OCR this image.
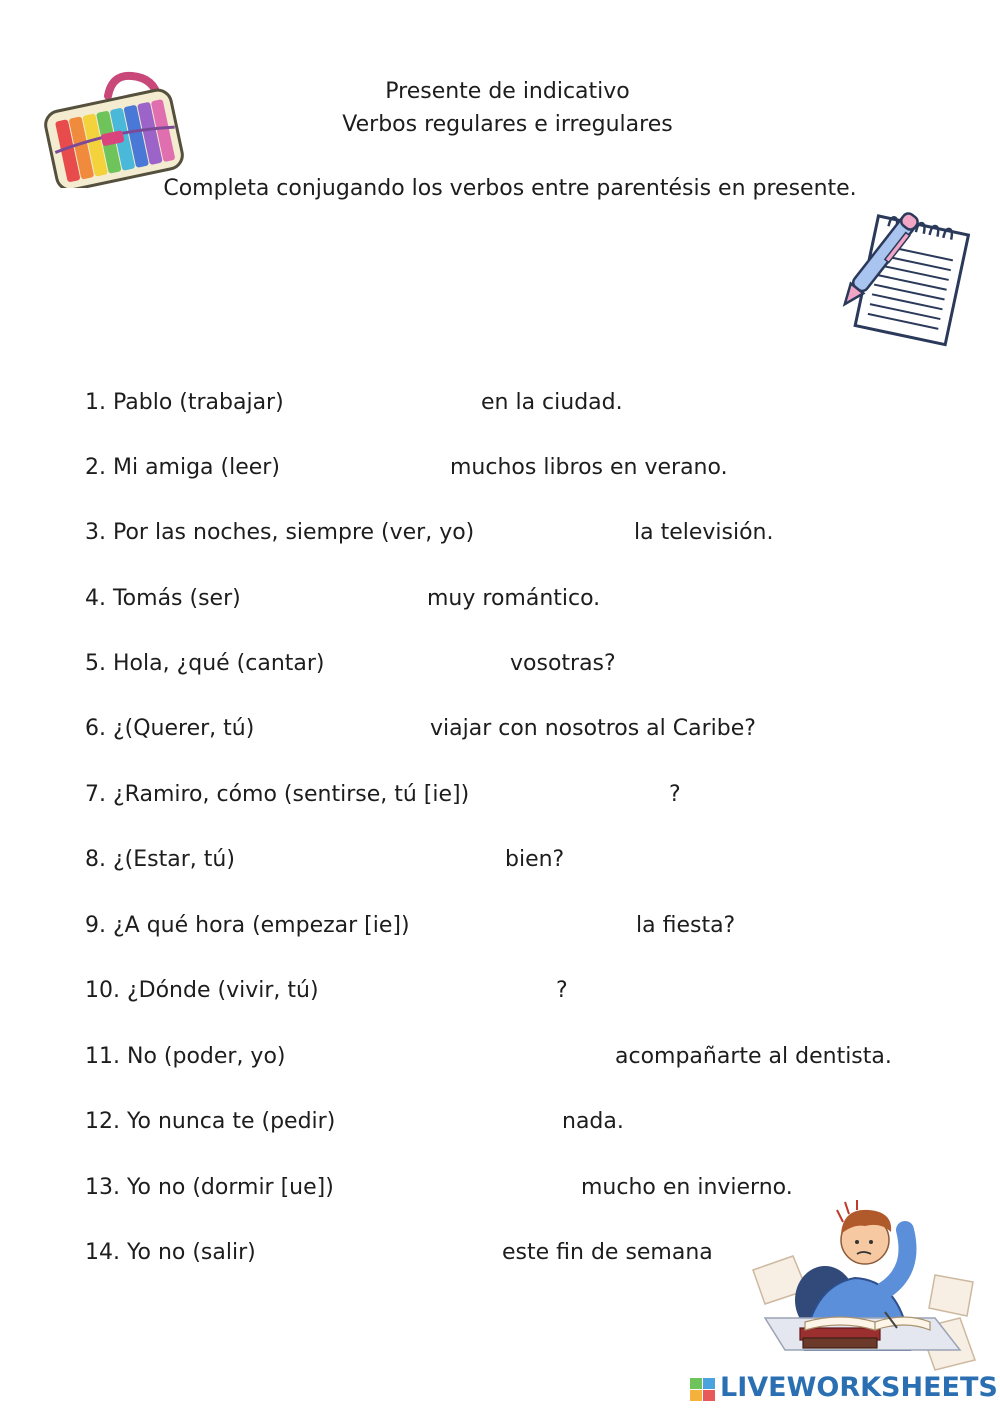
Presente de indicativo
Verbos regulares e irregulares
Completa conjugando los verbos entre parentésis en presente.
1. Pablo (trabajar)	en la ciudad.
2. Mi amiga (leer)	muchos libros en verano.
3. Por las noches, siempre (ver, yo)	la televisión.
4. Tomás (ser)	muy romántico.
5. Hola, ¿qué (cantar)	vosotras?
6. ¿(Querer, tú)	viajar con nosotros al Caribe?
7. ¿Ramiro, cómo (sentirse, tú [ie])	?
8. ¿(Estar, tú)	bien?
9. ¿A qué hora (empezar [ie])	la fiesta?
10. ¿Dónde (vivir, tú)	?
11. No (poder, yo)	acompañarte al dentista.
12. Yo nunca te (pedir)	nada.
13. Yo no (dormir [ue])	mucho en invierno.
14. Yo no (salir)	este fin de semana
LIVEWORKSHEETS
